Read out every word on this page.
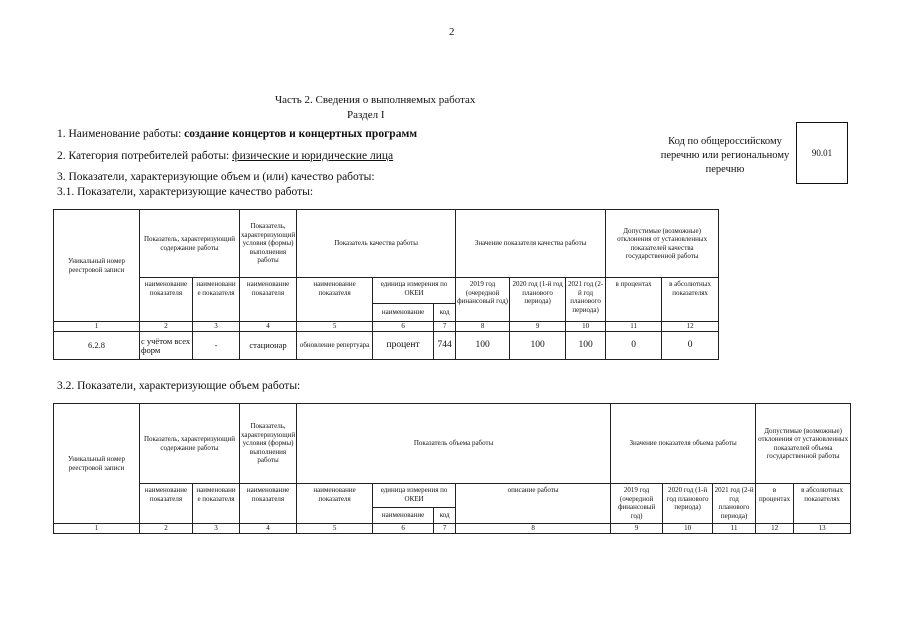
2
Часть 2. Сведения о выполняемых работах
Раздел I
1. Наименование работы: создание концертов и концертных программ
2. Категория потребителей работы: физические и юридические лица
3. Показатели, характеризующие объем и (или) качество работы:
3.1. Показатели, характеризующие качество работы:
Код по общероссийскому перечню или региональному перечню
90.01
Уникальный номер реестровой записи	Показатель, характеризующий содержание работы		Показатель, характеризующий условия (формы) выполнения работы	Показатель качества работы			Значение показателя качества работы			Допустимые (возможные) отклонения от установленных показателей качества государственной работы	
	наименование показателя	наименовани е показателя	наименование показателя	наименование показателя	единица измерения по ОКЕИ		2019 год (очередной финансовый год)	2020 год (1-й год планового периода)	2021 год (2-й год планового периода)	в процентах	в абсолютных показателях
					наименование	код					
1	2	3	4	5	6	7	8	9	10	11	12
6.2.8	с учётом всех форм	-	стационар	обновление репертуара	процент	744	100	100	100	0	0
3.2. Показатели, характеризующие объем работы:
Уникальный номер реестровой записи	Показатель, характеризующий содержание работы		Показатель, характеризующий условия (формы) выполнения работы	Показатель объема работы				Значение показателя объема работы			Допустимые (возможные) отклонения от установленных показателей объема государственной работы	
	наименование показателя	наименовани е показателя	наименование показателя	наименование показателя	единица измерения по ОКЕИ		описание работы	2019 год (очередной финансовый год)	2020 год (1-й год планового периода)	2021 год (2-й год планового периода)	в процентах	в абсолютных показателях
					наименование	код						
1	2	3	4	5	6	7	8	9	10	11	12	13
